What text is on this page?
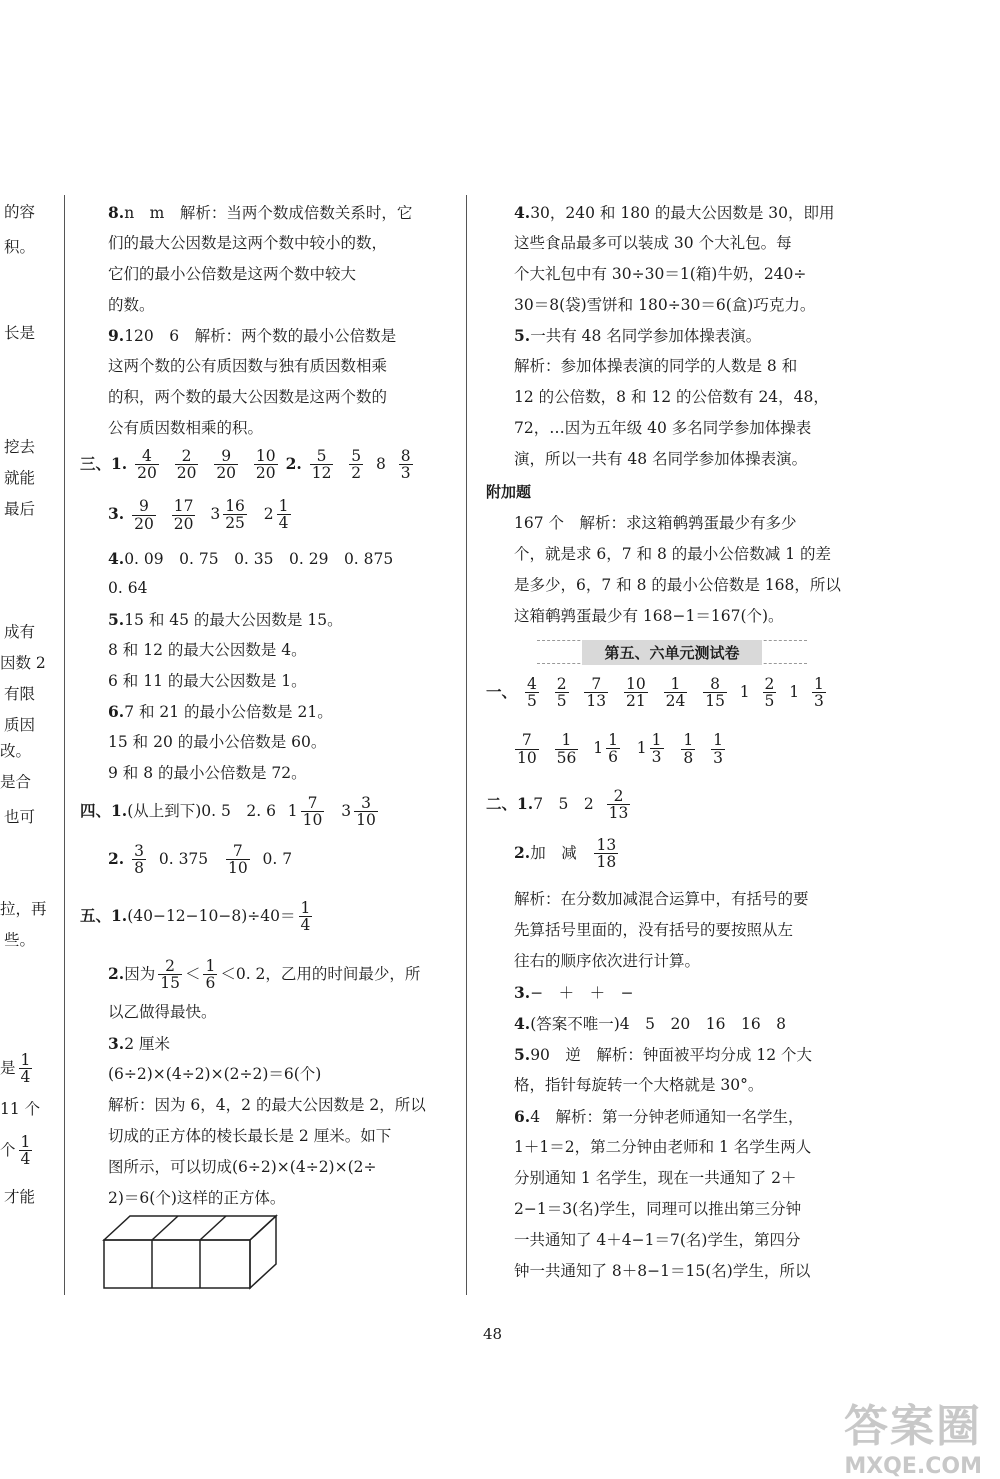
的容
积。
长是
挖去
就能
最后
成有
因数 2
有限
质因
改。
是合
也可
拉，再
些。
是 $\frac{1}{4}$
11 个
个 $\frac{1}{4}$
才能
8.n　m　解析：当两个数成倍数关系时，它
们的最大公因数是这两个数中较小的数，
它们的最小公倍数是这两个数中较大
的数。
9.120　6　解析：两个数的最小公倍数是
这两个数的公有质因数与独有质因数相乘
的积，两个数的最大公因数是这两个数的
公有质因数相乘的积。
三、1. $\frac{4}{20}$
$\frac{2}{20}$
$\frac{9}{20}$
$\frac{10}{20} 2$. $\frac{5}{12}$
$\frac{5}{2} 8 \frac{8}{3}$
3. $\frac{9}{20}$
$\frac{17}{20}$
$3 \frac{16}{25}$
$2 \frac{1}{4}$
4.0. 09　0. 75　0. 35　0. 29　0. 875
0. 64
5.15 和 45 的最大公因数是 15。
8 和 12 的最大公因数是 4。
6 和 11 的最大公因数是 1。
6.7 和 21 的最小公倍数是 21。
15 和 20 的最小公倍数是 60。
9 和 8 的最小公倍数是 72。
四、1.(从上到下)0. 5　2. 6 $1 \frac{7}{10}$
$3 \frac{3}{10}$
2. $\frac{3}{8} 0$. $375 \frac{7}{10} 0$. 7
五、$1.(40-12-10-8)\div 40= \frac{1}{4}$
2.因为 $\frac{2}{15} < \frac{1}{6} <0$. 2，乙用的时间最少，所
以乙做得最快。
3.2 厘米
(6÷2)×(4÷2)×(2÷2)＝6(个)
解析：因为 6，4，2 的最大公因数是 2，所以
切成的正方体的棱长最长是 2 厘米。如下
图所示，可以切成(6÷2)×(4÷2)×(2÷
2)＝6(个)这样的正方体。
4.30，240 和 180 的最大公因数是 30，即用
这些食品最多可以装成 30 个大礼包。每
个大礼包中有 30÷30＝1(箱)牛奶，240÷
30＝8(袋)雪饼和 180÷30＝6(盒)巧克力。
5.一共有 48 名同学参加体操表演。
解析：参加体操表演的同学的人数是 8 和
12 的公倍数，8 和 12 的公倍数有 24，48，
72，…因为五年级 40 多名同学参加体操表
演，所以一共有 48 名同学参加体操表演。
附加题
167 个　解析：求这箱鹌鹑蛋最少有多少
个，就是求 6，7 和 8 的最小公倍数减 1 的差
是多少，6，7 和 8 的最小公倍数是 168，所以
这箱鹌鹑蛋最少有 168−1＝167(个)。
第五、六单元测试卷
一、 $\frac{4}{5}$
$\frac{2}{5}$
$\frac{7}{13}$
$\frac{10}{21}$
$\frac{1}{24}$
$\frac{8}{15} 1 \frac{2}{5} 1 \frac{1}{3}$
$\frac{7}{10}$
$\frac{1}{56}$
$1 \frac{1}{6}$
$1 \frac{1}{3}$
$\frac{1}{8}$
$\frac{1}{3}$
二、1.7　5　$2 \frac{2}{13}$
2.加　减 $\frac{13}{18}$
解析：在分数加减混合运算中，有括号的要
先算括号里面的，没有括号的要按照从左
往右的顺序依次进行计算。
3.−　＋　＋　−
4.(答案不唯一)4　5　20　16　16　8
5.90　逆　解析：钟面被平均分成 12 个大
格，指针每旋转一个大格就是 30°。
6.4　解析：第一分钟老师通知一名学生，
1＋1＝2，第二分钟由老师和 1 名学生两人
分别通知 1 名学生，现在一共通知了 2＋
2−1＝3(名)学生，同理可以推出第三分钟
一共通知了 4＋4−1＝7(名)学生，第四分
钟一共通知了 8＋8−1＝15(名)学生，所以
48
答案圈
MXQE.COM
